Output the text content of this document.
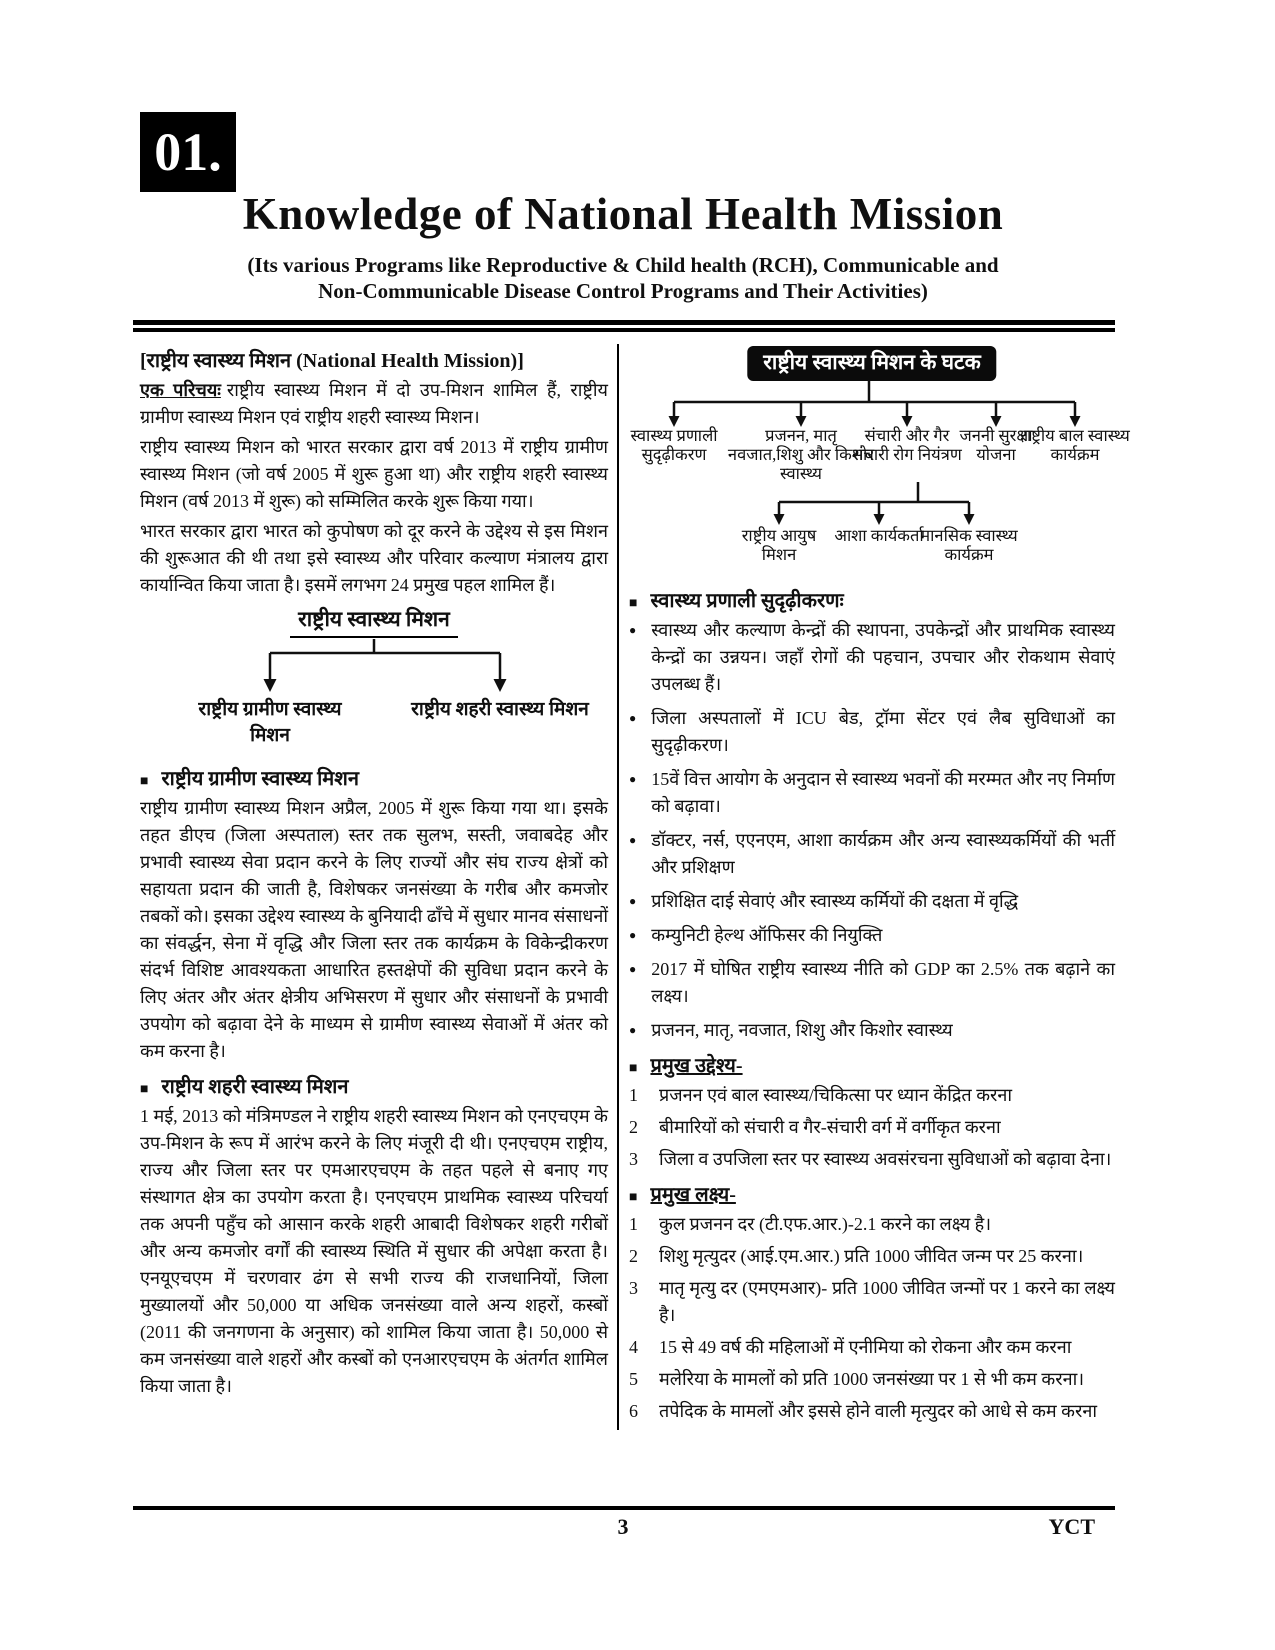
01.
Knowledge of National Health Mission
(Its various Programs like Reproductive & Child health (RCH), Communicable and
Non-Communicable Disease Control Programs and Their Activities)
[राष्ट्रीय स्वास्थ्य मिशन (National Health Mission)]

एक परिचयः राष्ट्रीय स्वास्थ्य मिशन में दो उप-मिशन शामिल हैं, राष्ट्रीय ग्रामीण स्वास्थ्य मिशन एवं राष्ट्रीय शहरी स्वास्थ्य मिशन।

राष्ट्रीय स्वास्थ्य मिशन को भारत सरकार द्वारा वर्ष 2013 में राष्ट्रीय ग्रामीण स्वास्थ्य मिशन (जो वर्ष 2005 में शुरू हुआ था) और राष्ट्रीय शहरी स्वास्थ्य मिशन (वर्ष 2013 में शुरू) को सम्मिलित करके शुरू किया गया।

भारत सरकार द्वारा भारत को कुपोषण को दूर करने के उद्देश्य से इस मिशन की शुरूआत की थी तथा इसे स्वास्थ्य और परिवार कल्याण मंत्रालय द्वारा कार्यान्वित किया जाता है। इसमें लगभग 24 प्रमुख पहल शामिल हैं।

राष्ट्रीय स्वास्थ्य मिशन
राष्ट्रीय ग्रामीण स्वास्थ्य मिशन
राष्ट्रीय शहरी स्वास्थ्य मिशन
■ राष्ट्रीय ग्रामीण स्वास्थ्य मिशन

राष्ट्रीय ग्रामीण स्वास्थ्य मिशन अप्रैल, 2005 में शुरू किया गया था। इसके तहत डीएच (जिला अस्पताल) स्तर तक सुलभ, सस्ती, जवाबदेह और प्रभावी स्वास्थ्य सेवा प्रदान करने के लिए राज्यों और संघ राज्य क्षेत्रों को सहायता प्रदान की जाती है, विशेषकर जनसंख्या के गरीब और कमजोर तबकों को। इसका उद्देश्य स्वास्थ्य के बुनियादी ढाँचे में सुधार मानव संसाधनों का संवर्द्धन, सेना में वृद्धि और जिला स्तर तक कार्यक्रम के विकेन्द्रीकरण संदर्भ विशिष्ट आवश्यकता आधारित हस्तक्षेपों की सुविधा प्रदान करने के लिए अंतर और अंतर क्षेत्रीय अभिसरण में सुधार और संसाधनों के प्रभावी उपयोग को बढ़ावा देने के माध्यम से ग्रामीण स्वास्थ्य सेवाओं में अंतर को कम करना है।

■ राष्ट्रीय शहरी स्वास्थ्य मिशन

1 मई, 2013 को मंत्रिमण्डल ने राष्ट्रीय शहरी स्वास्थ्य मिशन को एनएचएम के उप-मिशन के रूप में आरंभ करने के लिए मंजूरी दी थी। एनएचएम राष्ट्रीय, राज्य और जिला स्तर पर एमआरएचएम के तहत पहले से बनाए गए संस्थागत क्षेत्र का उपयोग करता है। एनएचएम प्राथमिक स्वास्थ्य परिचर्या तक अपनी पहुँच को आसान करके शहरी आबादी विशेषकर शहरी गरीबों और अन्य कमजोर वर्गों की स्वास्थ्य स्थिति में सुधार की अपेक्षा करता है। एनयूएचएम में चरणवार ढंग से सभी राज्य की राजधानियों, जिला मुख्यालयों और 50,000 या अधिक जनसंख्या वाले अन्य शहरों, कस्बों (2011 की जनगणना के अनुसार) को शामिल किया जाता है। 50,000 से कम जनसंख्या वाले शहरों और कस्बों को एनआरएचएम के अंतर्गत शामिल किया जाता है।

राष्ट्रीय स्वास्थ्य मिशन के घटक
स्वास्थ्य प्रणाली सुदृढ़ीकरण
प्रजनन, मातृ नवजात,शिशु और किशोर स्वास्थ्य
संचारी और गैर संचारी रोग नियंत्रण
जननी सुरक्षा योजना
राष्ट्रीय बाल स्वास्थ्य कार्यक्रम
राष्ट्रीय आयुष मिशन
आशा कार्यकर्ता
मानसिक स्वास्थ्य कार्यक्रम
■ स्वास्थ्य प्रणाली सुदृढ़ीकरणः
● स्वास्थ्य और कल्याण केन्द्रों की स्थापना, उपकेन्द्रों और प्राथमिक स्वास्थ्य केन्द्रों का उन्नयन। जहाँ रोगों की पहचान, उपचार और रोकथाम सेवाएं उपलब्ध हैं।
● जिला अस्पतालों में ICU बेड, ट्रॉमा सेंटर एवं लैब सुविधाओं का सुदृढ़ीकरण।
● 15वें वित्त आयोग के अनुदान से स्वास्थ्य भवनों की मरम्मत और नए निर्माण को बढ़ावा।
● डॉक्टर, नर्स, एएनएम, आशा कार्यक्रम और अन्य स्वास्थ्यकर्मियों की भर्ती और प्रशिक्षण
● प्रशिक्षित दाई सेवाएं और स्वास्थ्य कर्मियों की दक्षता में वृद्धि
● कम्युनिटी हेल्थ ऑफिसर की नियुक्ति
● 2017 में घोषित राष्ट्रीय स्वास्थ्य नीति को GDP का 2.5% तक बढ़ाने का लक्ष्य।
● प्रजनन, मातृ, नवजात, शिशु और किशोर स्वास्थ्य
■ प्रमुख उद्देश्य-
1	प्रजनन एवं बाल स्वास्थ्य/चिकित्सा पर ध्यान केंद्रित करना
2	बीमारियों को संचारी व गैर-संचारी वर्ग में वर्गीकृत करना
3	जिला व उपजिला स्तर पर स्वास्थ्य अवसंरचना सुविधाओं को बढ़ावा देना।
■ प्रमुख लक्ष्य-
1	कुल प्रजनन दर (टी.एफ.आर.)-2.1 करने का लक्ष्य है।
2	शिशु मृत्युदर (आई.एम.आर.) प्रति 1000 जीवित जन्म पर 25 करना।
3	मातृ मृत्यु दर (एमएमआर)- प्रति 1000 जीवित जन्मों पर 1 करने का लक्ष्य है।
4	15 से 49 वर्ष की महिलाओं में एनीमिया को रोकना और कम करना
5	मलेरिया के मामलों को प्रति 1000 जनसंख्या पर 1 से भी कम करना।
6	तपेदिक के मामलों और इससे होने वाली मृत्युदर को आधे से कम करना
3	YCT
